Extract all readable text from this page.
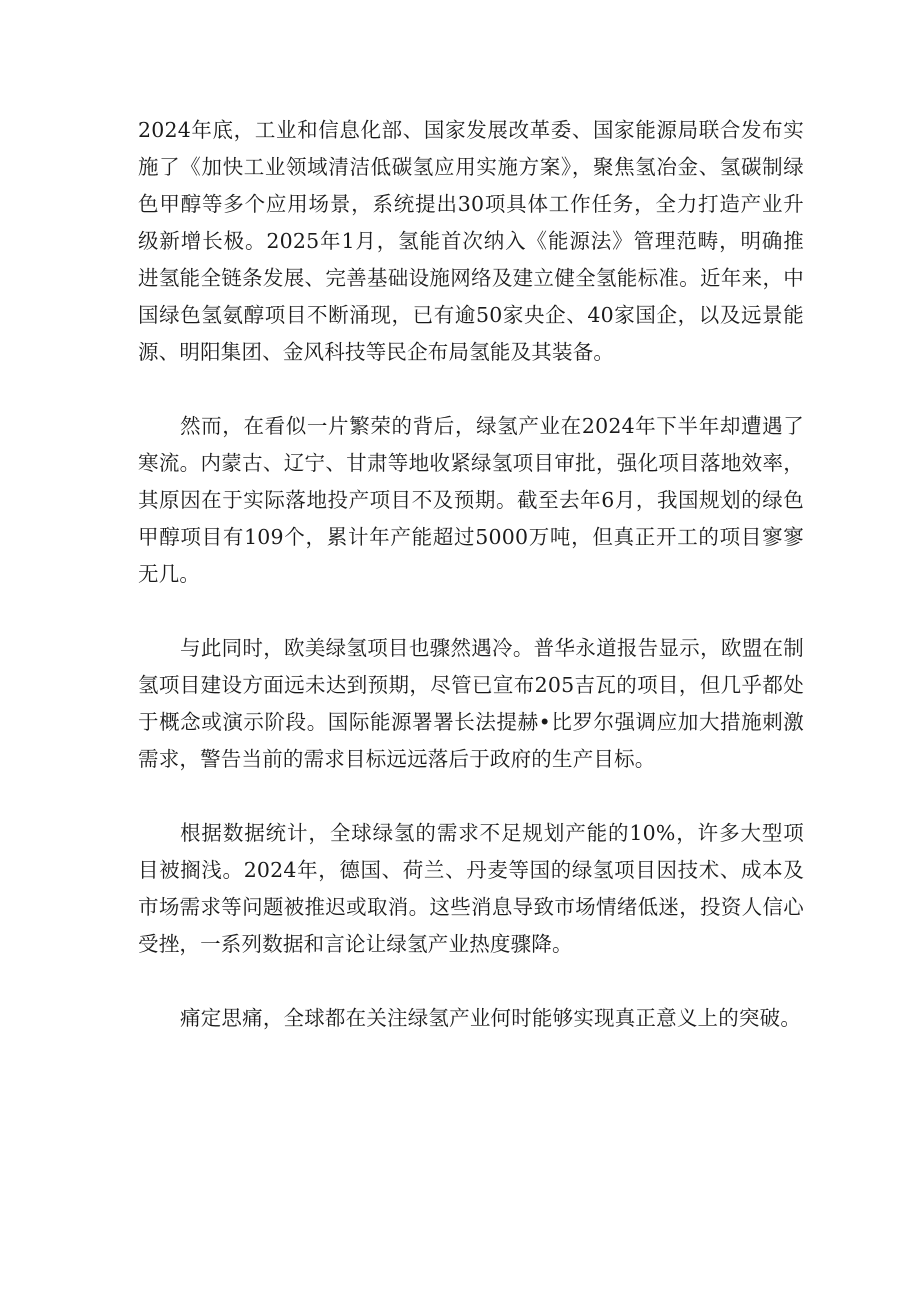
2024年底，工业和信息化部、国家发展改革委、国家能源局联合发布实施了《加快工业领域清洁低碳氢应用实施方案》，聚焦氢冶金、氢碳制绿色甲醇等多个应用场景，系统提出30项具体工作任务，全力打造产业升级新增长极。2025年1月，氢能首次纳入《能源法》管理范畴，明确推进氢能全链条发展、完善基础设施网络及建立健全氢能标准。近年来，中国绿色氢氨醇项目不断涌现，已有逾50家央企、40家国企，以及远景能源、明阳集团、金风科技等民企布局氢能及其装备。

然而，在看似一片繁荣的背后，绿氢产业在2024年下半年却遭遇了寒流。内蒙古、辽宁、甘肃等地收紧绿氢项目审批，强化项目落地效率，其原因在于实际落地投产项目不及预期。截至去年6月，我国规划的绿色甲醇项目有109个，累计年产能超过5000万吨，但真正开工的项目寥寥无几。

与此同时，欧美绿氢项目也骤然遇冷。普华永道报告显示，欧盟在制氢项目建设方面远未达到预期，尽管已宣布205吉瓦的项目，但几乎都处于概念或演示阶段。国际能源署署长法提赫•比罗尔强调应加大措施刺激需求，警告当前的需求目标远远落后于政府的生产目标。

根据数据统计，全球绿氢的需求不足规划产能的10%，许多大型项目被搁浅。2024年，德国、荷兰、丹麦等国的绿氢项目因技术、成本及市场需求等问题被推迟或取消。这些消息导致市场情绪低迷，投资人信心受挫，一系列数据和言论让绿氢产业热度骤降。

痛定思痛，全球都在关注绿氢产业何时能够实现真正意义上的突破。
